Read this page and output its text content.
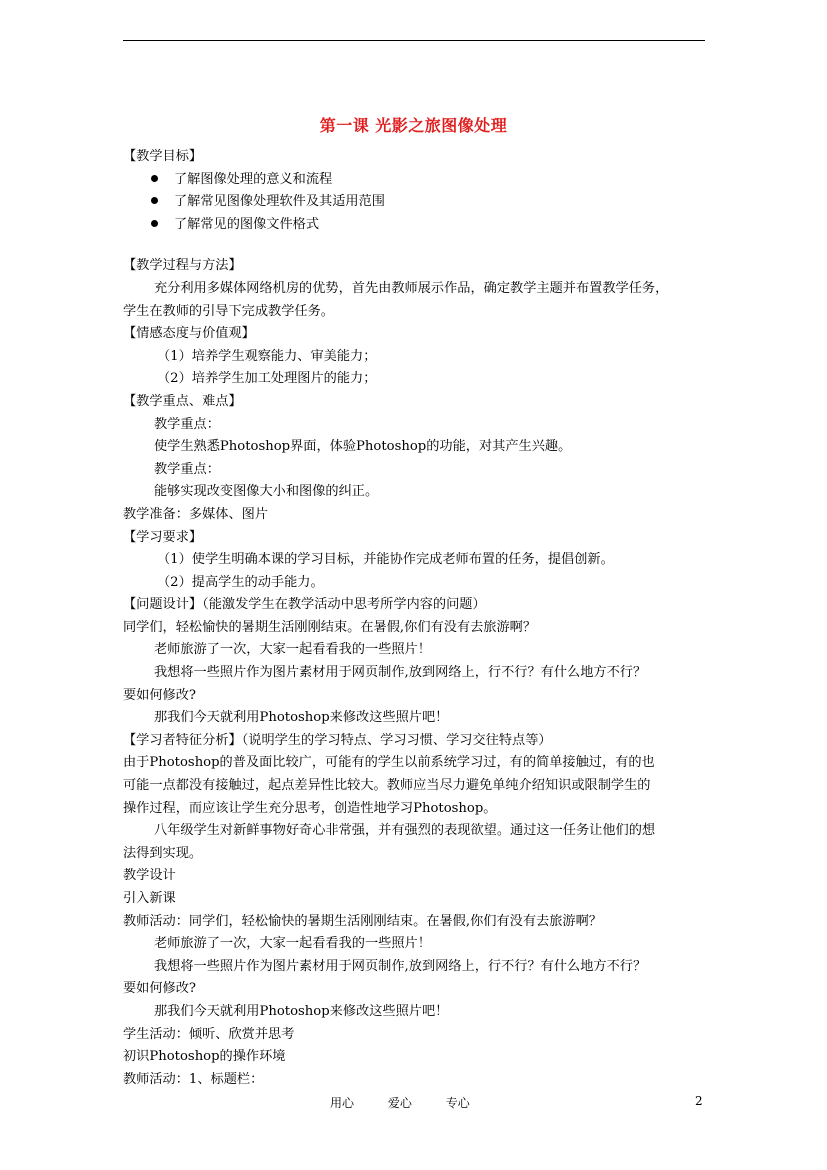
第一课 光影之旅图像处理
【教学目标】
了解图像处理的意义和流程
了解常见图像处理软件及其适用范围
了解常见的图像文件格式
【教学过程与方法】
充分利用多媒体网络机房的优势，首先由教师展示作品，确定教学主题并布置教学任务，
学生在教师的引导下完成教学任务。
【情感态度与价值观】
（1）培养学生观察能力、审美能力；
（2）培养学生加工处理图片的能力；
【教学重点、难点】
教学重点：
使学生熟悉Photoshop界面，体验Photoshop的功能，对其产生兴趣。
教学重点：
能够实现改变图像大小和图像的纠正。
教学准备：多媒体、图片
【学习要求】
（1）使学生明确本课的学习目标，并能协作完成老师布置的任务，提倡创新。
（2）提高学生的动手能力。
【问题设计】（能激发学生在教学活动中思考所学内容的问题）
同学们，轻松愉快的暑期生活刚刚结束。在暑假,你们有没有去旅游啊？
老师旅游了一次，大家一起看看我的一些照片！
我想将一些照片作为图片素材用于网页制作,放到网络上，行不行？有什么地方不行？
要如何修改?
那我们今天就利用Photoshop来修改这些照片吧！
【学习者特征分析】（说明学生的学习特点、学习习惯、学习交往特点等）
由于Photoshop的普及面比较广，可能有的学生以前系统学习过，有的简单接触过，有的也
可能一点都没有接触过，起点差异性比较大。教师应当尽力避免单纯介绍知识或限制学生的
操作过程，而应该让学生充分思考，创造性地学习Photoshop。
八年级学生对新鲜事物好奇心非常强，并有强烈的表现欲望。通过这一任务让他们的想
法得到实现。
教学设计
引入新课
教师活动：同学们，轻松愉快的暑期生活刚刚结束。在暑假,你们有没有去旅游啊？
老师旅游了一次，大家一起看看我的一些照片！
我想将一些照片作为图片素材用于网页制作,放到网络上，行不行？有什么地方不行？
要如何修改?
那我们今天就利用Photoshop来修改这些照片吧！
学生活动：倾听、欣赏并思考
初识Photoshop的操作环境
教师活动：1、标题栏：
用心	爱心	专心	2
